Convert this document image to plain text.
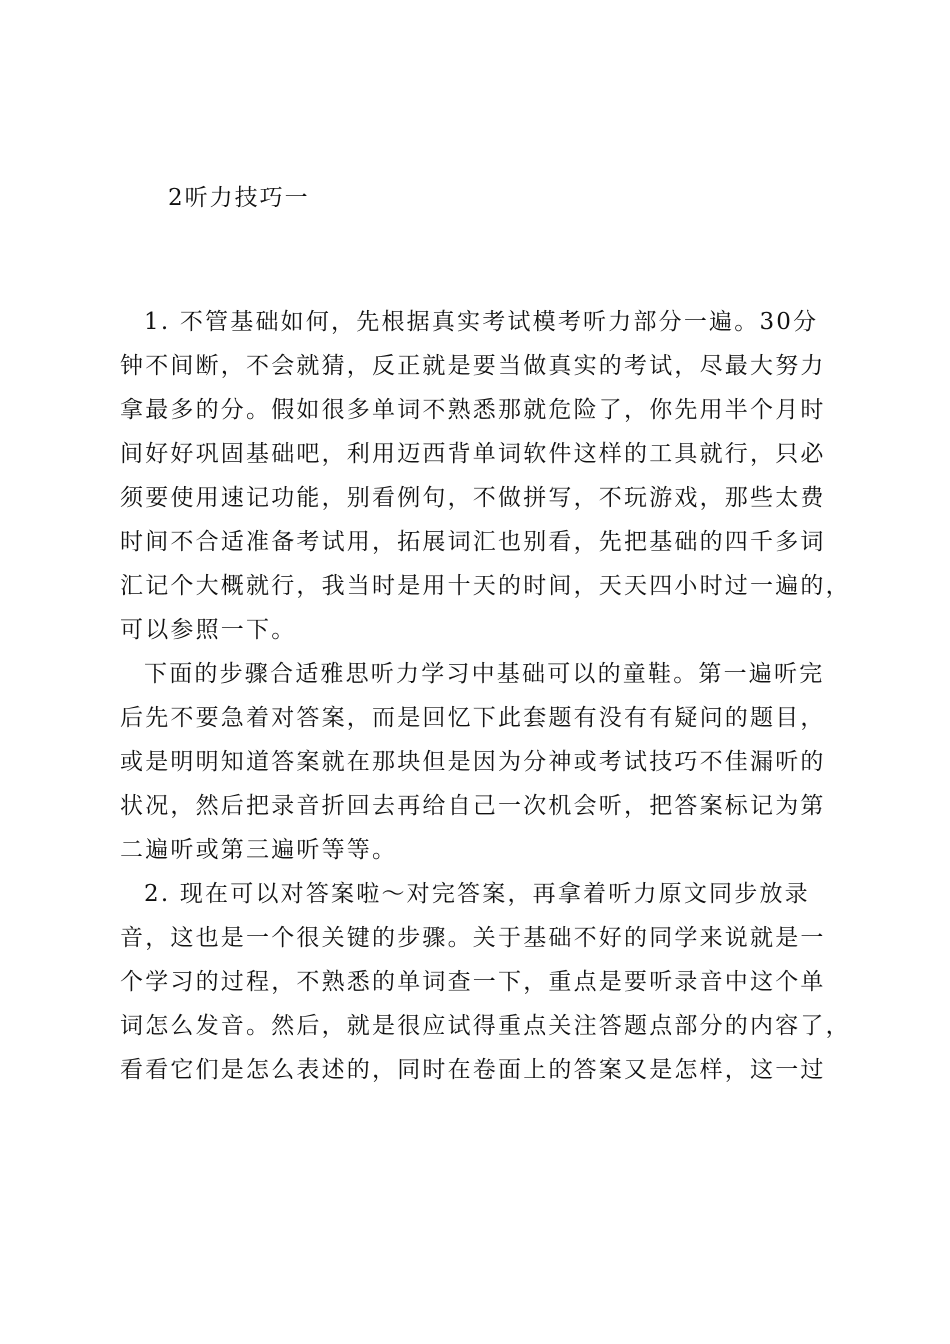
2听力技巧一
1. 不管基础如何，先根据真实考试模考听力部分一遍。30分
钟不间断，不会就猜，反正就是要当做真实的考试，尽最大努力
拿最多的分。假如很多单词不熟悉那就危险了，你先用半个月时
间好好巩固基础吧，利用迈西背单词软件这样的工具就行，只必
须要使用速记功能，别看例句，不做拼写，不玩游戏，那些太费
时间不合适准备考试用，拓展词汇也别看，先把基础的四千多词
汇记个大概就行，我当时是用十天的时间，天天四小时过一遍的，
可以参照一下。
下面的步骤合适雅思听力学习中基础可以的童鞋。第一遍听完
后先不要急着对答案，而是回忆下此套题有没有有疑问的题目，
或是明明知道答案就在那块但是因为分神或考试技巧不佳漏听的
状况，然后把录音折回去再给自己一次机会听，把答案标记为第
二遍听或第三遍听等等。
2. 现在可以对答案啦～对完答案，再拿着听力原文同步放录
音，这也是一个很关键的步骤。关于基础不好的同学来说就是一
个学习的过程，不熟悉的单词查一下，重点是要听录音中这个单
词怎么发音。然后，就是很应试得重点关注答题点部分的内容了，
看看它们是怎么表述的，同时在卷面上的答案又是怎样，这一过
